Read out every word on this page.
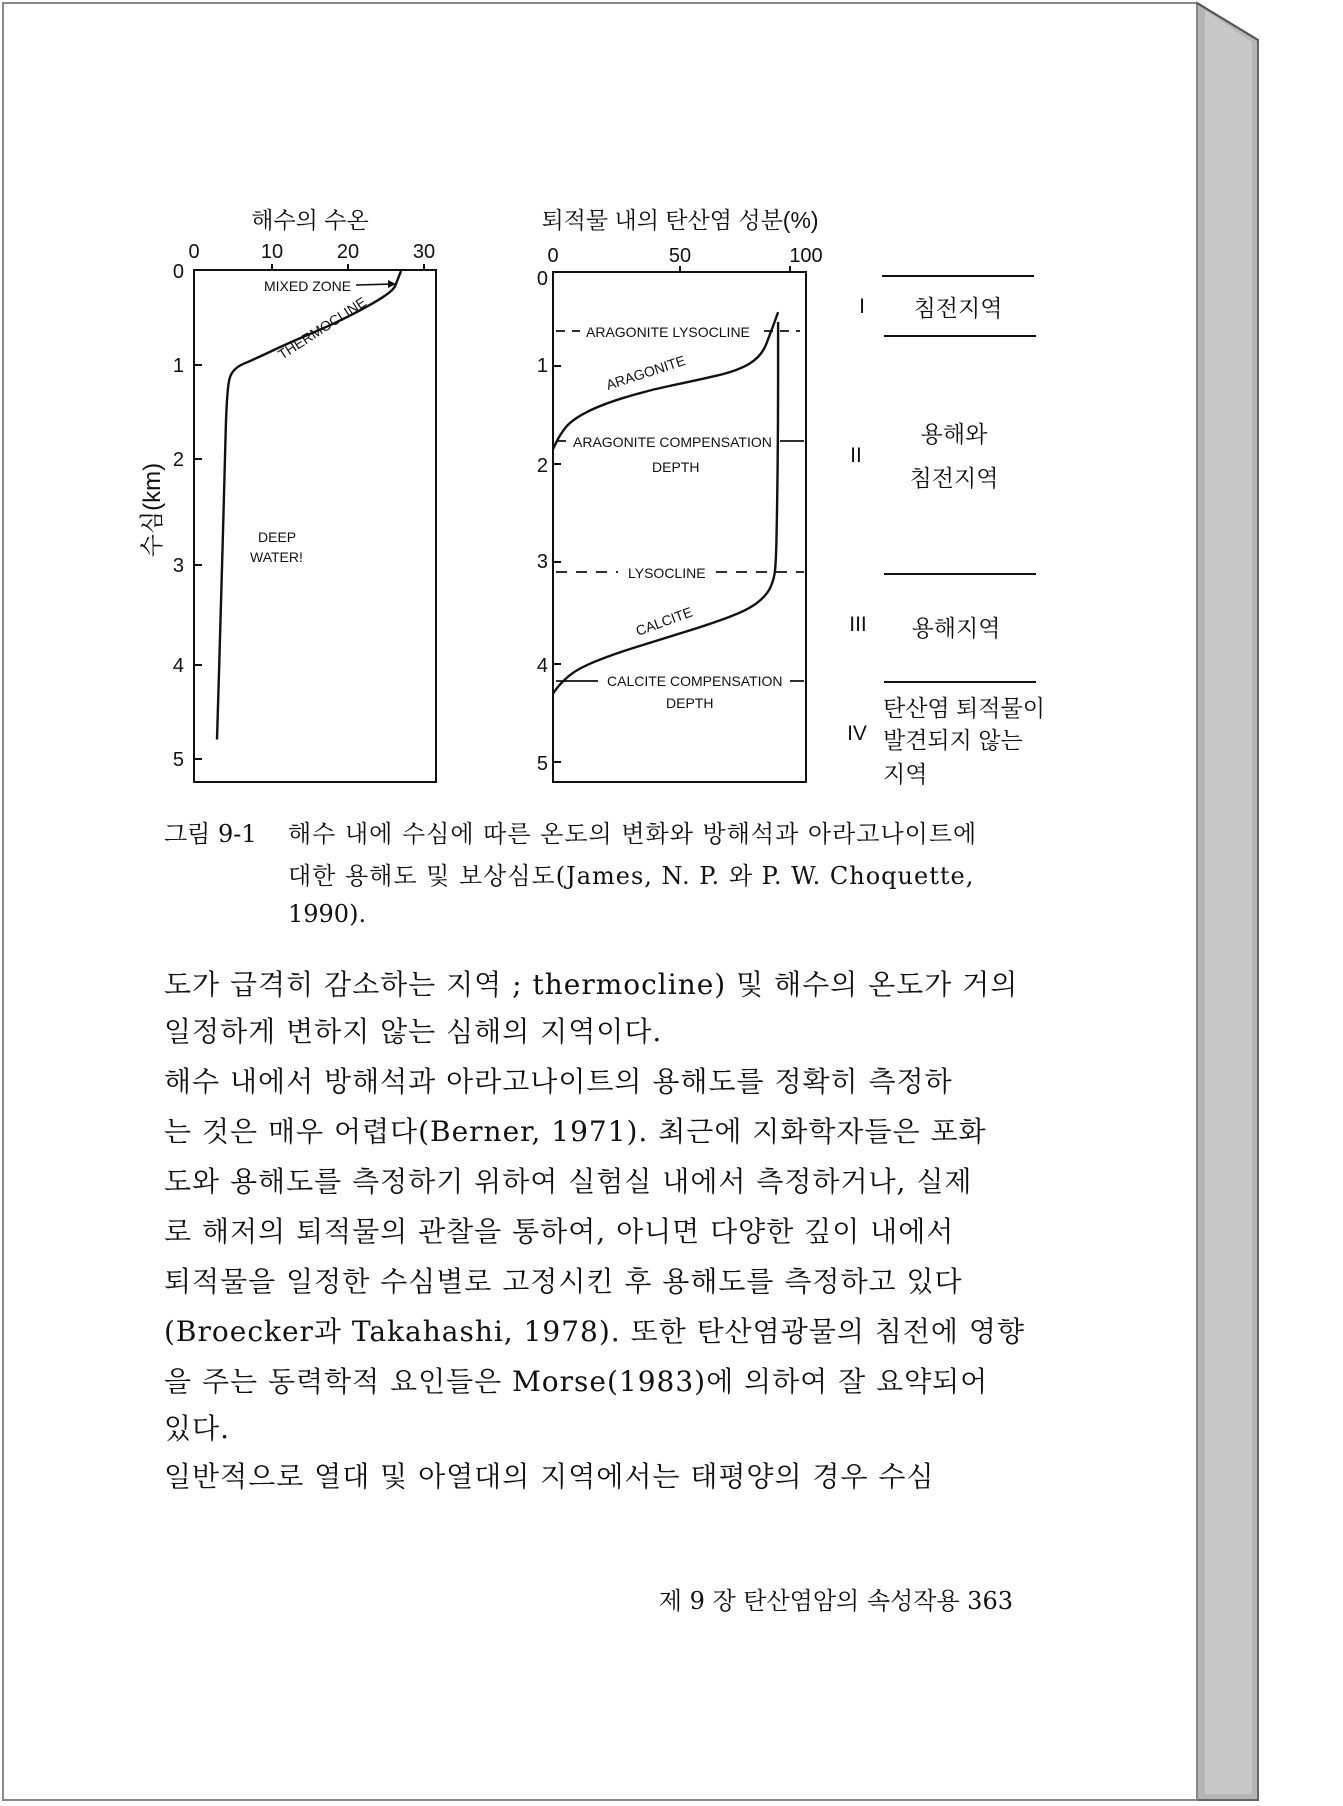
해수의 수온
0	10	20	30
0
1
2
3
4
5
수심(km)
MIXED ZONE
THERMOCLINE
DEEP
WATER!
퇴적물 내의 탄산염 성분(%)
0	50	100
0
1
2
3
4
5
ARAGONITE LYSOCLINE
ARAGONITE COMPENSATION
DEPTH
LYSOCLINE
CALCITE COMPENSATION
DEPTH
ARAGONITE
CALCITE
I 침전지역
II
용해와
침전지역
III 용해지역
IV
탄산염 퇴적물이
발견되지 않는
지역
그림 9-1 해수 내에 수심에 따른 온도의 변화와 방해석과 아라고나이트에
대한 용해도 및 보상심도(James, N. P. 와 P. W. Choquette,
1990).
도가 급격히 감소하는 지역 ; thermocline) 및 해수의 온도가 거의
일정하게 변하지 않는 심해의 지역이다.
해수 내에서 방해석과 아라고나이트의 용해도를 정확히 측정하
는 것은 매우 어렵다(Berner, 1971). 최근에 지화학자들은 포화
도와 용해도를 측정하기 위하여 실험실 내에서 측정하거나, 실제
로 해저의 퇴적물의 관찰을 통하여, 아니면 다양한 깊이 내에서
퇴적물을 일정한 수심별로 고정시킨 후 용해도를 측정하고 있다
(Broecker과 Takahashi, 1978). 또한 탄산염광물의 침전에 영향
을 주는 동력학적 요인들은 Morse(1983)에 의하여 잘 요약되어
있다.
일반적으로 열대 및 아열대의 지역에서는 태평양의 경우 수심
제 9 장 탄산염암의 속성작용 363
